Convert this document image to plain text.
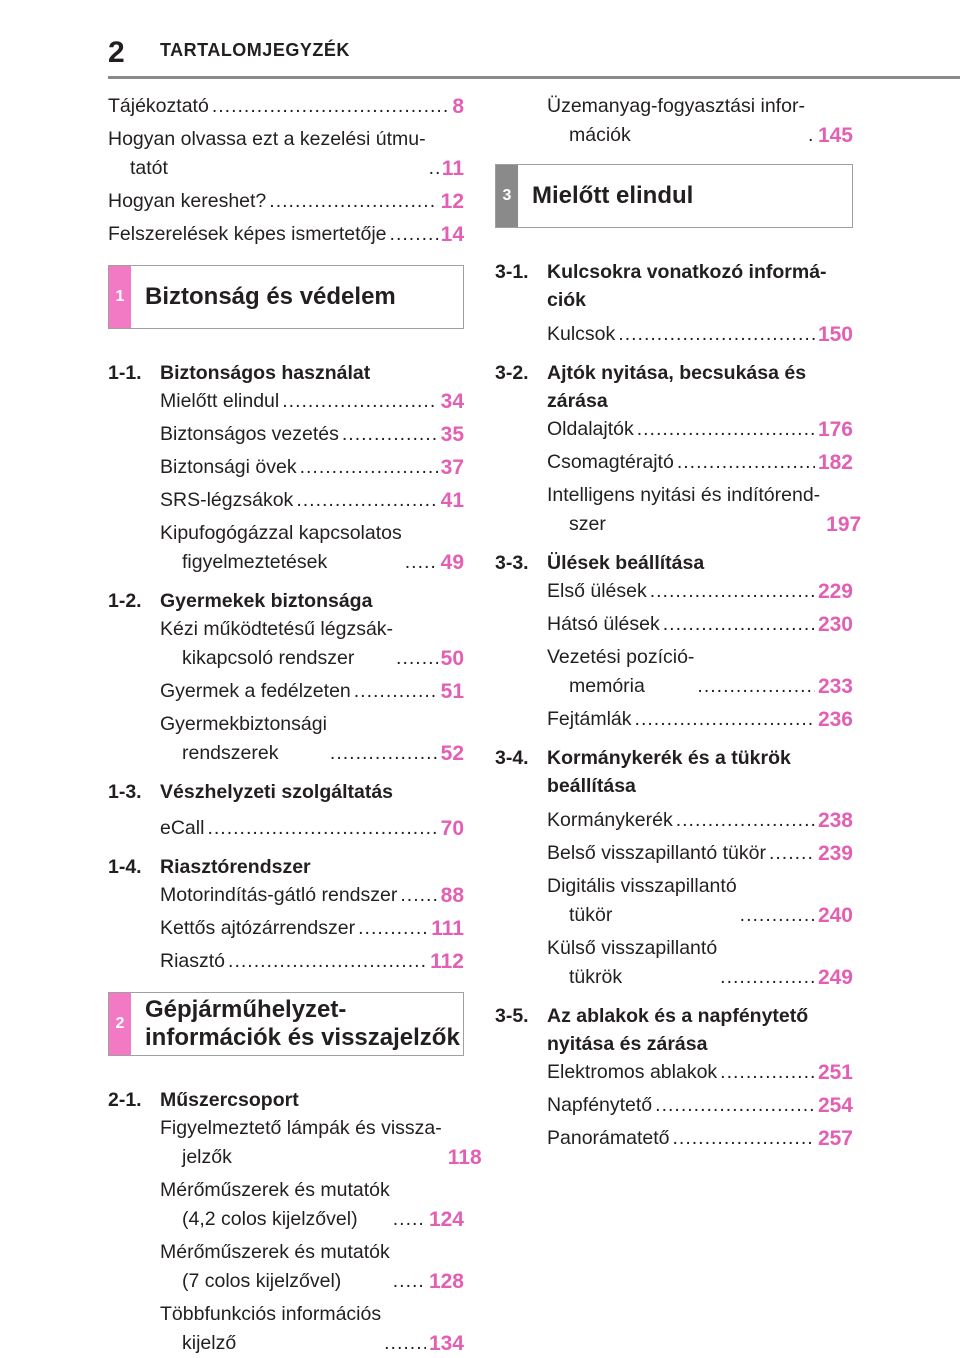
2 TARTALOMJEGYZÉK
Tájékoztató .....	8
Hogyan olvassa ezt a kezelési útmu-
tatót .....	11
Hogyan kereshet? .....	12
Felszerelések képes ismertetője .....	14
1 Biztonság és védelem
1-1. Biztonságos használat
Mielőtt elindul .....	34
Biztonságos vezetés .....	35
Biztonsági övek .....	37
SRS-légzsákok .....	41
Kipufogógázzal kapcsolatos
figyelmeztetések .....	49
1-2. Gyermekek biztonsága
Kézi működtetésű légzsák-
kikapcsoló rendszer .....	50
Gyermek a fedélzeten .....	51
Gyermekbiztonsági
rendszerek .....	52
1-3. Vészhelyzeti szolgáltatás
eCall .....	70
1-4. Riasztórendszer
Motorindítás-gátló rendszer ..... 88
Kettős ajtózárrendszer .....	111
Riasztó .....	112
2
Gépjárműhelyzet-
információk és visszajelzők
2-1. Műszercsoport
Figyelmeztető lámpák és vissza-
jelzők	118
Mérőműszerek és mutatók
(4,2 colos kijelzővel) .....	124
Mérőműszerek és mutatók
(7 colos kijelzővel) .....	128
Többfunkciós információs
kijelző .....	134
Üzemanyag-fogyasztási infor-
mációk .....	145
3 Mielőtt elindul
3-1. Kulcsokra vonatkozó informá-
ciók
Kulcsok .....	150
3-2. Ajtók nyitása, becsukása és
zárása
Oldalajtók .....	176
Csomagtérajtó .....	182
Intelligens nyitási és indítórend-
szer	197
3-3. Ülések beállítása
Első ülések .....	229
Hátsó ülések .....	230
Vezetési pozíció-
memória .....	233
Fejtámlák .....	236
3-4. Kormánykerék és a tükrök
beállítása
Kormánykerék .....	238
Belső visszapillantó tükör ..... 239
Digitális visszapillantó
tükör .....	240
Külső visszapillantó
tükrök .....	249
3-5. Az ablakok és a napfénytető
nyitása és zárása
Elektromos ablakok .....	251
Napfénytető .....	254
Panorámatető .....	257
